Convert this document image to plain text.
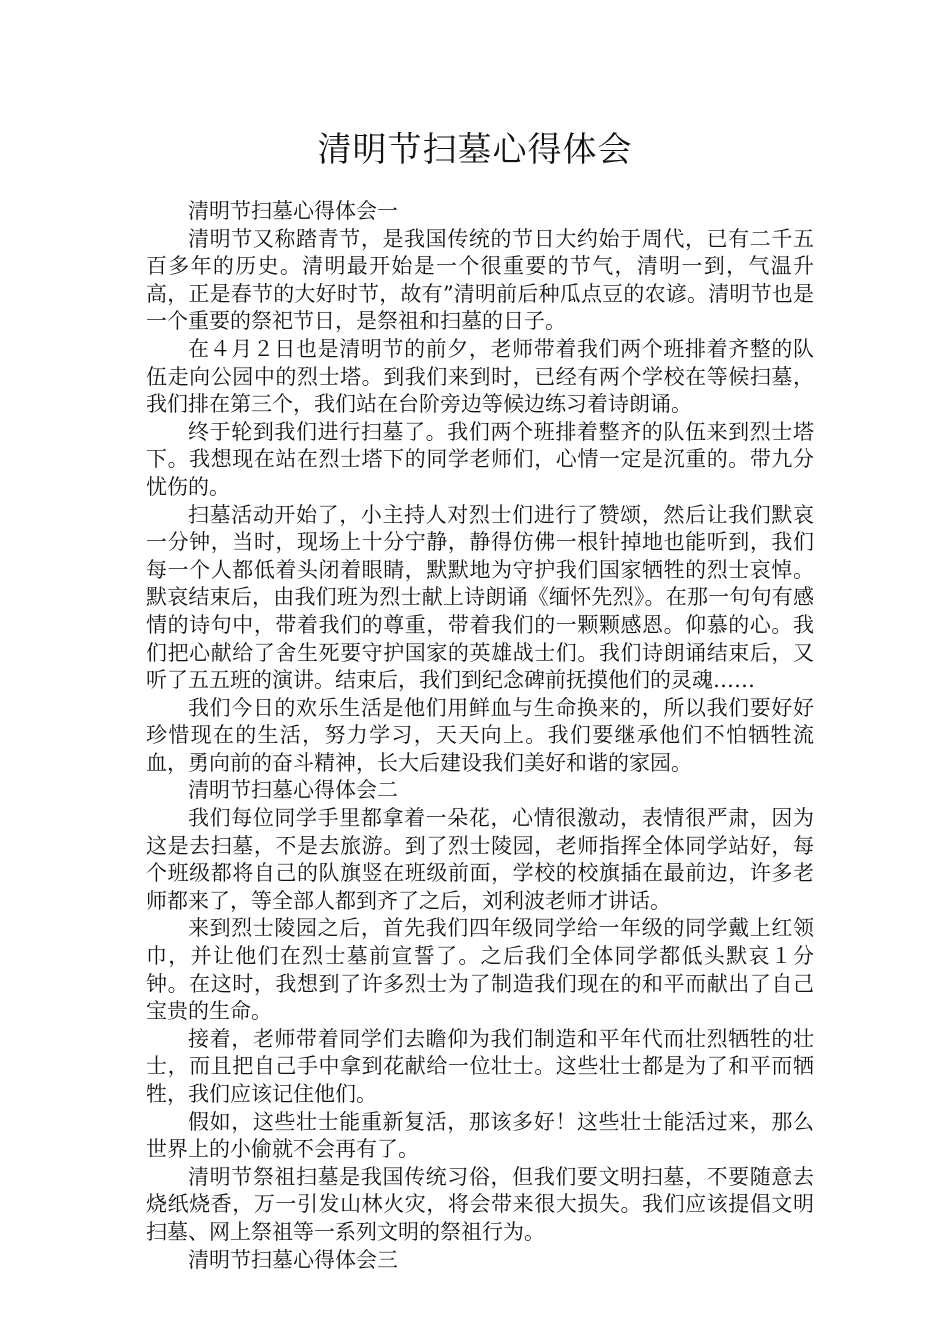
清明节扫墓心得体会

清明节扫墓心得体会一

清明节又称踏青节，是我国传统的节日大约始于周代，已有二千五百多年的历史。清明最开始是一个很重要的节气，清明一到，气温升高，正是春节的大好时节，故有”清明前后种瓜点豆的农谚。清明节也是一个重要的祭祀节日，是祭祖和扫墓的日子。

在４月２日也是清明节的前夕，老师带着我们两个班排着齐整的队伍走向公园中的烈士塔。到我们来到时，已经有两个学校在等候扫墓，我们排在第三个，我们站在台阶旁边等候边练习着诗朗诵。

终于轮到我们进行扫墓了。我们两个班排着整齐的队伍来到烈士塔下。我想现在站在烈士塔下的同学老师们，心情一定是沉重的。带九分忧伤的。

扫墓活动开始了，小主持人对烈士们进行了赞颂，然后让我们默哀一分钟，当时，现场上十分宁静，静得仿佛一根针掉地也能听到，我们每一个人都低着头闭着眼睛，默默地为守护我们国家牺牲的烈士哀悼。默哀结束后，由我们班为烈士献上诗朗诵《缅怀先烈》。在那一句句有感情的诗句中，带着我们的尊重，带着我们的一颗颗感恩。仰慕的心。我们把心献给了舍生死要守护国家的英雄战士们。我们诗朗诵结束后，又听了五五班的演讲。结束后，我们到纪念碑前抚摸他们的灵魂……

我们今日的欢乐生活是他们用鲜血与生命换来的，所以我们要好好珍惜现在的生活，努力学习，天天向上。我们要继承他们不怕牺牲流血，勇向前的奋斗精神，长大后建设我们美好和谐的家园。

清明节扫墓心得体会二

我们每位同学手里都拿着一朵花，心情很激动，表情很严肃，因为这是去扫墓，不是去旅游。到了烈士陵园，老师指挥全体同学站好，每个班级都将自己的队旗竖在班级前面，学校的校旗插在最前边，许多老师都来了，等全部人都到齐了之后，刘利波老师才讲话。

来到烈士陵园之后，首先我们四年级同学给一年级的同学戴上红领巾，并让他们在烈士墓前宣誓了。之后我们全体同学都低头默哀１分钟。在这时，我想到了许多烈士为了制造我们现在的和平而献出了自己宝贵的生命。

接着，老师带着同学们去瞻仰为我们制造和平年代而壮烈牺牲的壮士，而且把自己手中拿到花献给一位壮士。这些壮士都是为了和平而牺牲，我们应该记住他们。

假如，这些壮士能重新复活，那该多好！这些壮士能活过来，那么世界上的小偷就不会再有了。

清明节祭祖扫墓是我国传统习俗，但我们要文明扫墓，不要随意去烧纸烧香，万一引发山林火灾，将会带来很大损失。我们应该提倡文明扫墓、网上祭祖等一系列文明的祭祖行为。

清明节扫墓心得体会三
